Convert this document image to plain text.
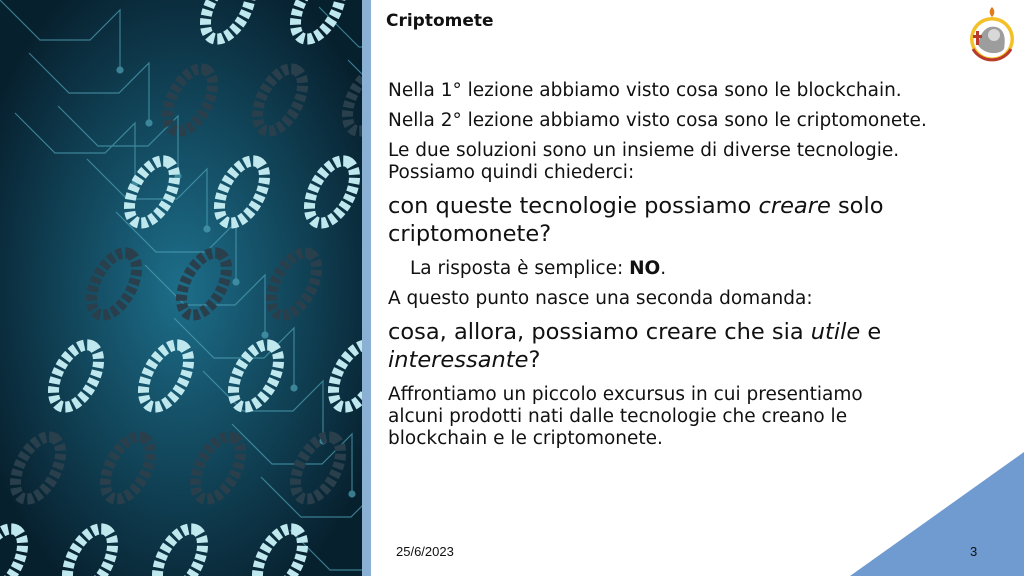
Criptomete

Nella 1° lezione abbiamo visto cosa sono le blockchain.

Nella 2° lezione abbiamo visto cosa sono le criptomonete.

Le due soluzioni sono un insieme di diverse tecnologie.
Possiamo quindi chiederci:

con queste tecnologie possiamo creare solo
criptomonete?

La risposta è semplice: NO.

A questo punto nasce una seconda domanda:

cosa, allora, possiamo creare che sia utile e
interessante?

Affrontiamo un piccolo excursus in cui presentiamo
alcuni prodotti nati dalle tecnologie che creano le
blockchain e le criptomonete.

25/6/2023	3
